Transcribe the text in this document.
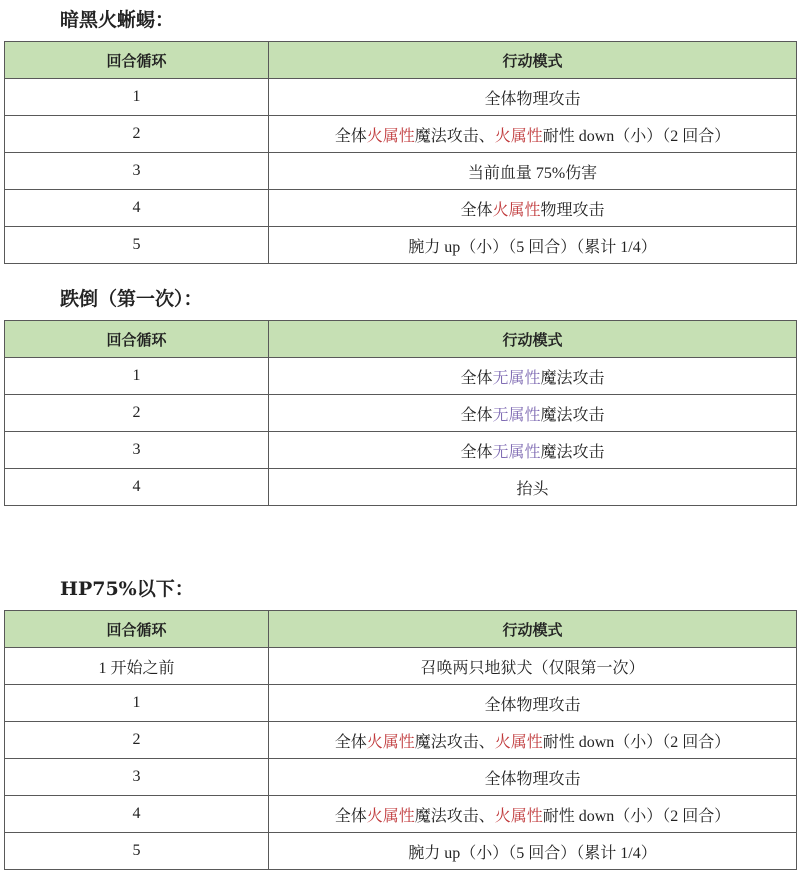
暗黑火蜥蜴：
回合循环	行动模式
1	全体物理攻击
2	全体火属性魔法攻击、火属性耐性 down（小）（2 回合）
3	当前血量 75%伤害
4	全体火属性物理攻击
5	腕力 up（小）（5 回合）（累计 1/4）
跌倒（第一次）：
回合循环	行动模式
1	全体无属性魔法攻击
2	全体无属性魔法攻击
3	全体无属性魔法攻击
4	抬头
HP75%以下：
回合循环	行动模式
1 开始之前	召唤两只地狱犬（仅限第一次）
1	全体物理攻击
2	全体火属性魔法攻击、火属性耐性 down（小）（2 回合）
3	全体物理攻击
4	全体火属性魔法攻击、火属性耐性 down（小）（2 回合）
5	腕力 up（小）（5 回合）（累计 1/4）
